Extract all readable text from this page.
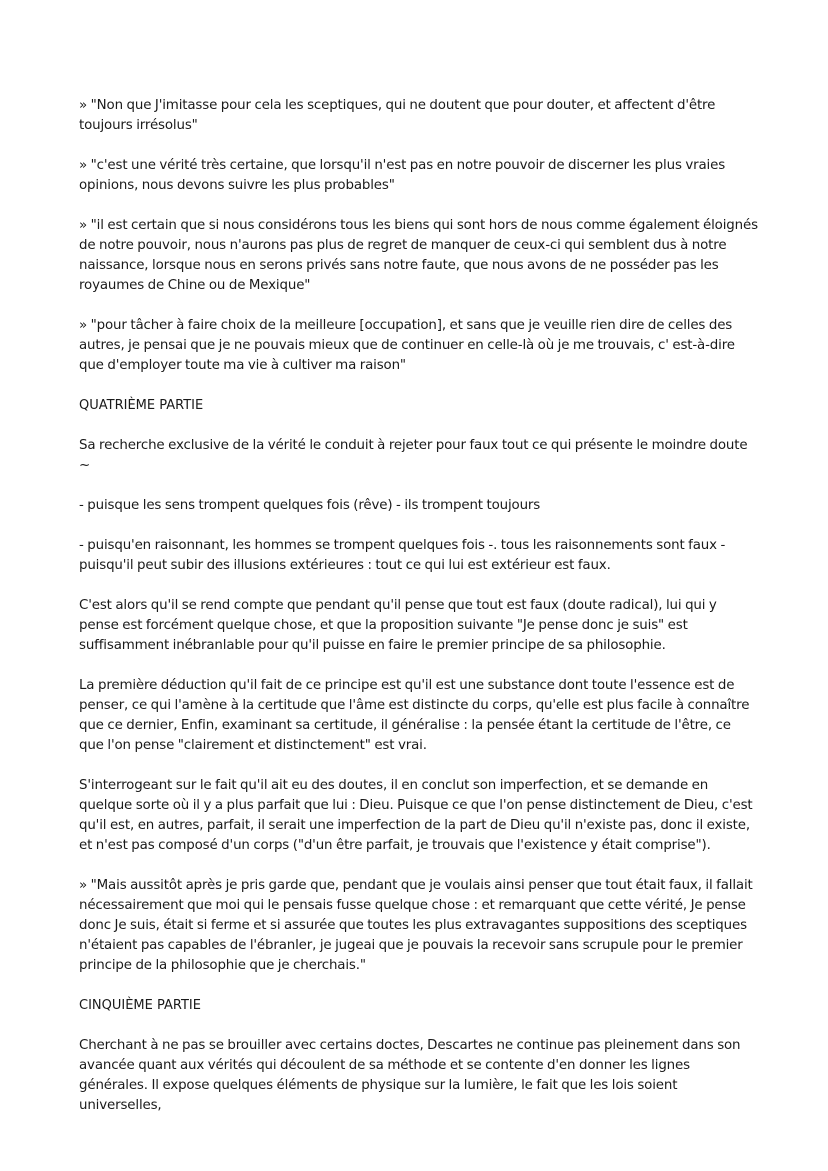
» "Non que J'imitasse pour cela les sceptiques, qui ne doutent que pour douter, et affectent d'être toujours irrésolus"

» "c'est une vérité très certaine, que lorsqu'il n'est pas en notre pouvoir de discerner les plus vraies opinions, nous devons suivre les plus probables"

» "il est certain que si nous considérons tous les biens qui sont hors de nous comme également éloignés de notre pouvoir, nous n'aurons pas plus de regret de manquer de ceux-ci qui semblent dus à notre naissance, lorsque nous en serons privés sans notre faute, que nous avons de ne posséder pas les royaumes de Chine ou de Mexique"

» "pour tâcher à faire choix de la meilleure [occupation], et sans que je veuille rien dire de celles des autres, je pensai que je ne pouvais mieux que de continuer en celle-là où je me trouvais, c' est-à-dire que d'employer toute ma vie à cultiver ma raison"

QUATRIÈME PARTIE

Sa recherche exclusive de la vérité le conduit à rejeter pour faux tout ce qui présente le moindre doute ~

- puisque les sens trompent quelques fois (rêve) - ils trompent toujours

- puisqu'en raisonnant, les hommes se trompent quelques fois -. tous les raisonnements sont faux - puisqu'il peut subir des illusions extérieures : tout ce qui lui est extérieur est faux.

C'est alors qu'il se rend compte que pendant qu'il pense que tout est faux (doute radical), lui qui y pense est forcément quelque chose, et que la proposition suivante "Je pense donc je suis" est suffisamment inébranlable pour qu'il puisse en faire le premier principe de sa philosophie.

La première déduction qu'il fait de ce principe est qu'il est une substance dont toute l'essence est de penser, ce qui l'amène à la certitude que l'âme est distincte du corps, qu'elle est plus facile à connaître que ce dernier, Enfin, examinant sa certitude, il généralise : la pensée étant la certitude de l'être, ce que l'on pense "clairement et distinctement" est vrai.

S'interrogeant sur le fait qu'il ait eu des doutes, il en conclut son imperfection, et se demande en quelque sorte où il y a plus parfait que lui : Dieu. Puisque ce que l'on pense distinctement de Dieu, c'est qu'il est, en autres, parfait, il serait une imperfection de la part de Dieu qu'il n'existe pas, donc il existe, et n'est pas composé d'un corps ("d'un être parfait, je trouvais que l'existence y était comprise").

» "Mais aussitôt après je pris garde que, pendant que je voulais ainsi penser que tout était faux, il fallait nécessairement que moi qui le pensais fusse quelque chose : et remarquant que cette vérité, Je pense donc Je suis, était si ferme et si assurée que toutes les plus extravagantes suppositions des sceptiques n'étaient pas capables de l'ébranler, je jugeai que je pouvais la recevoir sans scrupule pour le premier principe de la philosophie que je cherchais."

CINQUIÈME PARTIE

Cherchant à ne pas se brouiller avec certains doctes, Descartes ne continue pas pleinement dans son avancée quant aux vérités qui découlent de sa méthode et se contente d'en donner les lignes générales. Il expose quelques éléments de physique sur la lumière, le fait que les lois soient universelles,
